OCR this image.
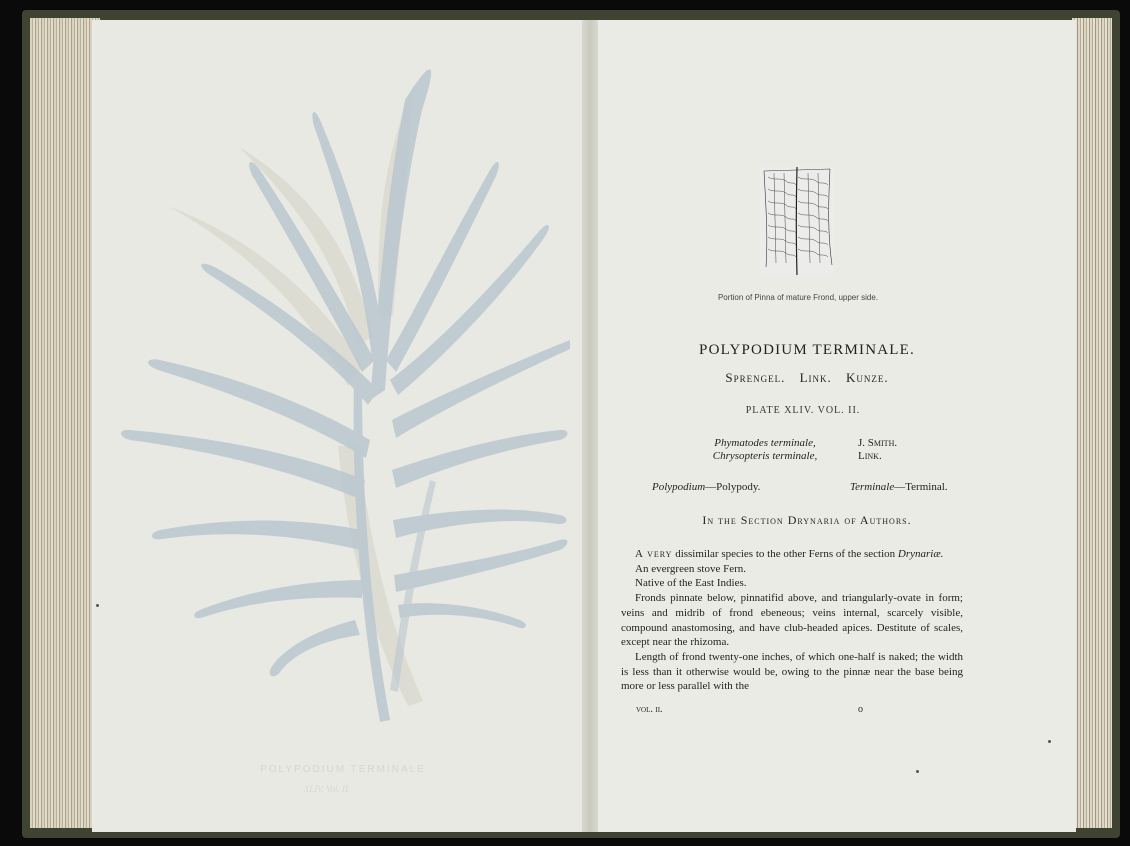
POLYPODIUM TERMINALE
XLIV. Vol. II.
Portion of Pinna of mature Frond, upper side.
POLYPODIUM TERMINALE.
Sprengel. Link. Kunze.
PLATE XLIV. VOL. II.
Phymatodes terminale,
Chrysopteris terminale,
J. Smith.
Link.
Polypodium—Polypody.	Terminale—Terminal.
In the Section Drynaria of Authors.

A very dissimilar species to the other Ferns of the section Drynariæ.

An evergreen stove Fern.

Native of the East Indies.

Fronds pinnate below, pinnatifid above, and triangularly-ovate in form; veins and midrib of frond ebeneous; veins internal, scarcely visible, compound anastomosing, and have club-headed apices. Destitute of scales, except near the rhizoma.

Length of frond twenty-one inches, of which one-half is naked; the width is less than it otherwise would be, owing to the pinnæ near the base being more or less parallel with the

vol. ii.	o
